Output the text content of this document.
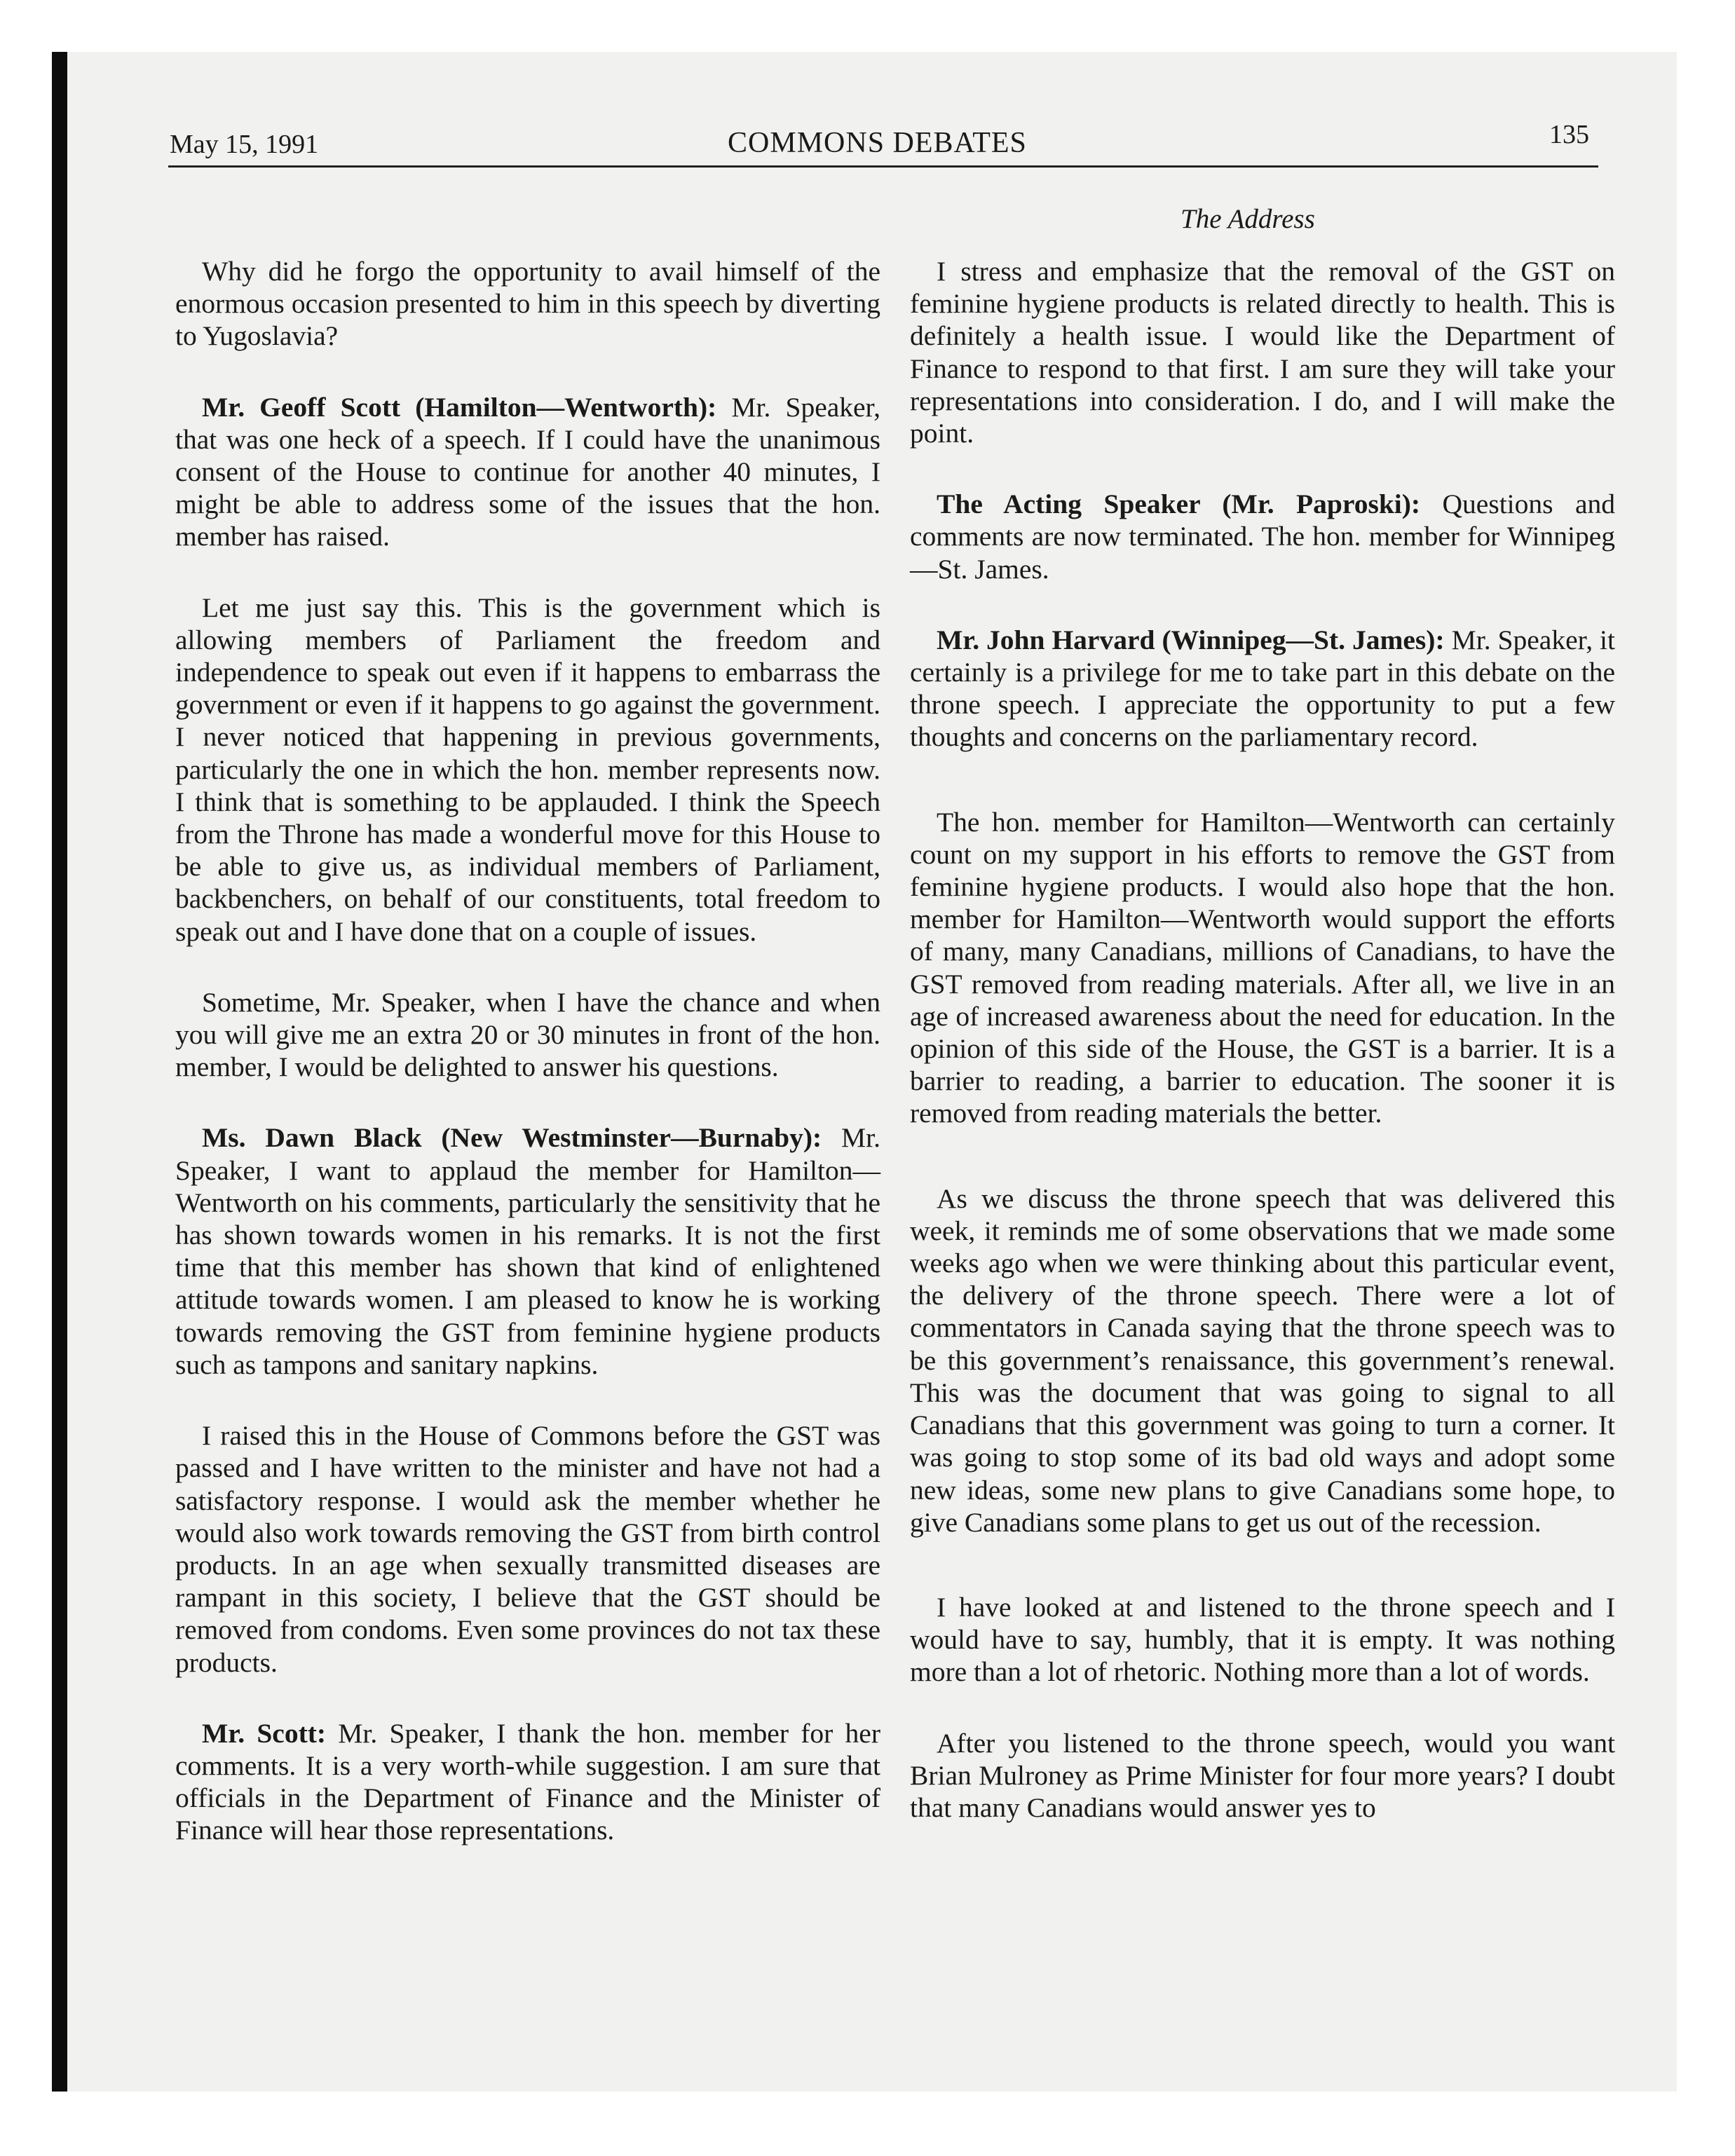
May 15, 1991	COMMONS DEBATES	135
The Address

Why did he forgo the opportunity to avail himself of the enormous occasion presented to him in this speech by diverting to Yugoslavia?

Mr. Geoff Scott (Hamilton—Wentworth): Mr. Speaker, that was one heck of a speech. If I could have the unanimous consent of the House to continue for another 40 minutes, I might be able to address some of the issues that the hon. member has raised.

Let me just say this. This is the government which is allowing members of Parliament the freedom and independence to speak out even if it happens to embarrass the government or even if it happens to go against the government. I never noticed that happening in previous governments, particularly the one in which the hon. member represents now. I think that is something to be applauded. I think the Speech from the Throne has made a wonderful move for this House to be able to give us, as individual members of Parliament, backbenchers, on behalf of our constituents, total freedom to speak out and I have done that on a couple of issues.

Sometime, Mr. Speaker, when I have the chance and when you will give me an extra 20 or 30 minutes in front of the hon. member, I would be delighted to answer his questions.

Ms. Dawn Black (New Westminster—Burnaby): Mr. Speaker, I want to applaud the member for Hamilton—Wentworth on his comments, particularly the sensitivity that he has shown towards women in his remarks. It is not the first time that this member has shown that kind of enlightened attitude towards women. I am pleased to know he is working towards removing the GST from feminine hygiene products such as tampons and sanitary napkins.

I raised this in the House of Commons before the GST was passed and I have written to the minister and have not had a satisfactory response. I would ask the member whether he would also work towards removing the GST from birth control products. In an age when sexually transmitted diseases are rampant in this society, I believe that the GST should be removed from condoms. Even some provinces do not tax these products.

Mr. Scott: Mr. Speaker, I thank the hon. member for her comments. It is a very worth-while suggestion. I am sure that officials in the Department of Finance and the Minister of Finance will hear those representations.

I stress and emphasize that the removal of the GST on feminine hygiene products is related directly to health. This is definitely a health issue. I would like the Department of Finance to respond to that first. I am sure they will take your representations into consideration. I do, and I will make the point.

The Acting Speaker (Mr. Paproski): Questions and comments are now terminated. The hon. member for Winnipeg—St. James.

Mr. John Harvard (Winnipeg—St. James): Mr. Speaker, it certainly is a privilege for me to take part in this debate on the throne speech. I appreciate the opportunity to put a few thoughts and concerns on the parliamentary record.

The hon. member for Hamilton—Wentworth can certainly count on my support in his efforts to remove the GST from feminine hygiene products. I would also hope that the hon. member for Hamilton—Wentworth would support the efforts of many, many Canadians, millions of Canadians, to have the GST removed from reading materials. After all, we live in an age of increased awareness about the need for education. In the opinion of this side of the House, the GST is a barrier. It is a barrier to reading, a barrier to education. The sooner it is removed from reading materials the better.

As we discuss the throne speech that was delivered this week, it reminds me of some observations that we made some weeks ago when we were thinking about this particular event, the delivery of the throne speech. There were a lot of commentators in Canada saying that the throne speech was to be this government’s renaissance, this government’s renewal. This was the document that was going to signal to all Canadians that this government was going to turn a corner. It was going to stop some of its bad old ways and adopt some new ideas, some new plans to give Canadians some hope, to give Canadians some plans to get us out of the recession.

I have looked at and listened to the throne speech and I would have to say, humbly, that it is empty. It was nothing more than a lot of rhetoric. Nothing more than a lot of words.

After you listened to the throne speech, would you want Brian Mulroney as Prime Minister for four more years? I doubt that many Canadians would answer yes to
